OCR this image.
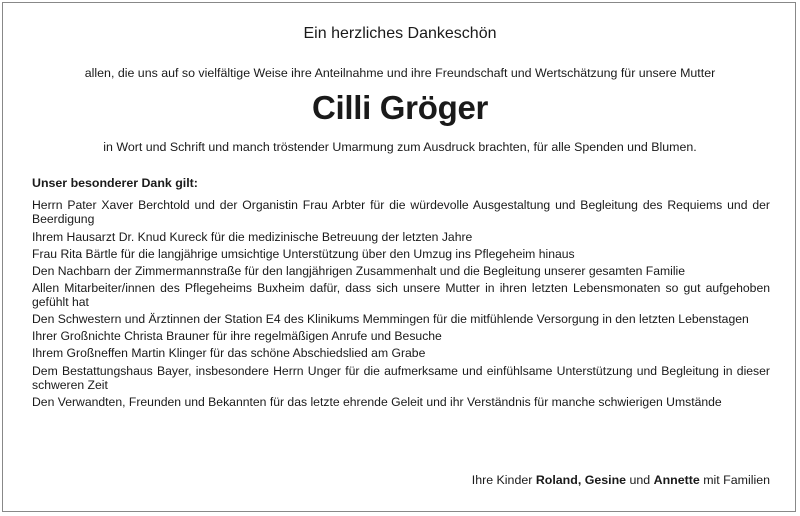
Ein herzliches Dankeschön
allen, die uns auf so vielfältige Weise ihre Anteilnahme und ihre Freundschaft und Wertschätzung für unsere Mutter
Cilli Gröger
in Wort und Schrift und manch tröstender Umarmung zum Ausdruck brachten, für alle Spenden und Blumen.
Unser besonderer Dank gilt:
Herrn Pater Xaver Berchtold und der Organistin Frau Arbter für die würdevolle Ausgestaltung und Begleitung des Requiems und der Beerdigung
Ihrem Hausarzt Dr. Knud Kureck für die medizinische Betreuung der letzten Jahre
Frau Rita Bärtle für die langjährige umsichtige Unterstützung über den Umzug ins Pflegeheim hinaus
Den Nachbarn der Zimmermannstraße für den langjährigen Zusammenhalt und die Begleitung unserer gesamten Familie
Allen Mitarbeiter/innen des Pflegeheims Buxheim dafür, dass sich unsere Mutter in ihren letzten Lebensmonaten so gut aufgehoben gefühlt hat
Den Schwestern und Ärztinnen der Station E4 des Klinikums Memmingen für die mitfühlende Versorgung in den letzten Lebenstagen
Ihrer Großnichte Christa Brauner für ihre regelmäßigen Anrufe und Besuche
Ihrem Großneffen Martin Klinger für das schöne Abschiedslied am Grabe
Dem Bestattungshaus Bayer, insbesondere Herrn Unger für die aufmerksame und einfühlsame Unterstützung und Begleitung in dieser schweren Zeit
Den Verwandten, Freunden und Bekannten für das letzte ehrende Geleit und ihr Verständnis für manche schwierigen Umstände
Ihre Kinder Roland, Gesine und Annette mit Familien
